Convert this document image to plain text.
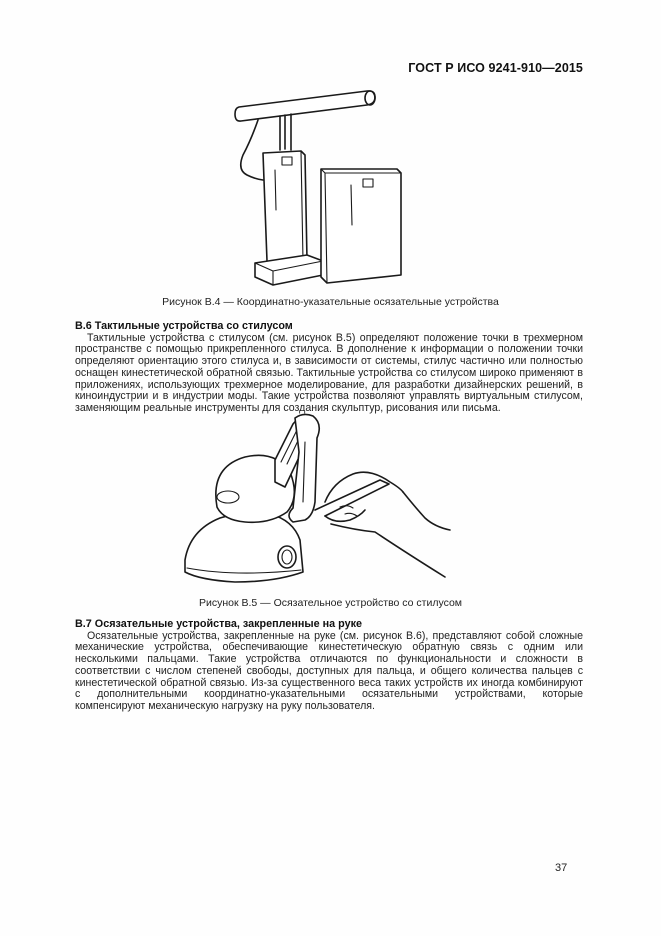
ГОСТ Р ИСО 9241-910—2015
Рисунок В.4 — Координатно-указательные осязательные устройства
В.6 Тактильные устройства со стилусом

Тактильные устройства с стилусом (см. рисунок В.5) определяют положение точки в трехмерном пространстве с помощью прикрепленного стилуса. В дополнение к информации о положении точки определяют ориентацию этого стилуса и, в зависимости от системы, стилус частично или полностью оснащен кинестетической обратной связью. Тактильные устройства со стилусом широко применяют в приложениях, использующих трехмерное моделирование, для разработки дизайнерских решений, в киноиндустрии и в индустрии моды. Такие устройства позволяют управлять виртуальным стилусом, заменяющим реальные инструменты для создания скульптур, рисования или письма.

Рисунок В.5 — Осязательное устройство со стилусом
В.7 Осязательные устройства, закрепленные на руке

Осязательные устройства, закрепленные на руке (см. рисунок В.6), представляют собой сложные механические устройства, обеспечивающие кинестетическую обратную связь с одним или несколькими пальцами. Такие устройства отличаются по функциональности и сложности в соответствии с числом степеней свободы, доступных для пальца, и общего количества пальцев с кинестетической обратной связью. Из-за существенного веса таких устройств их иногда комбинируют с дополнительными координатно-указательными осязательными устройствами, которые компенсируют механическую нагрузку на руку пользователя.

37
